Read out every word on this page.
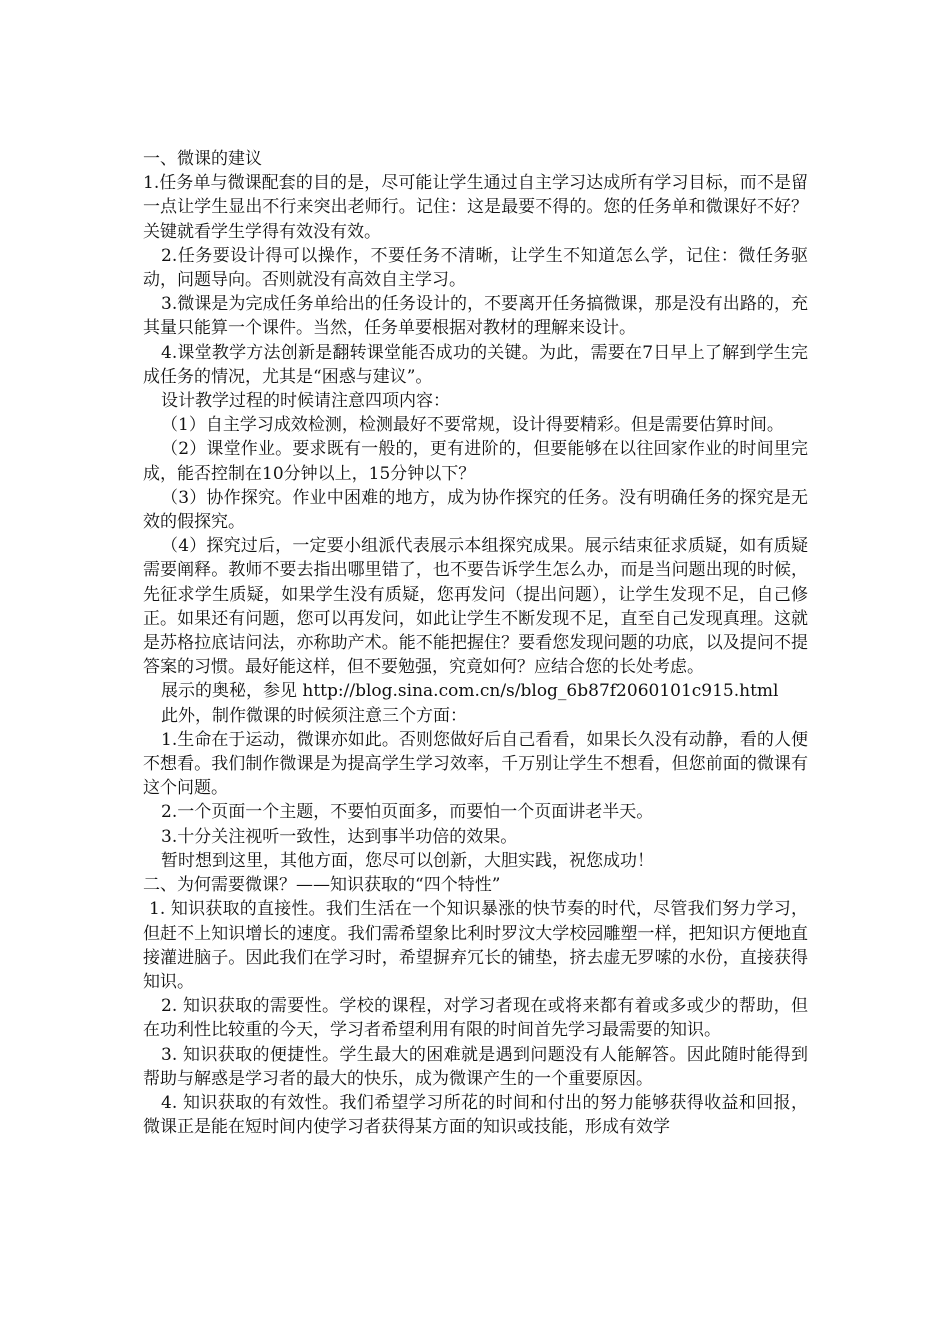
一、微课的建议

1.任务单与微课配套的目的是，尽可能让学生通过自主学习达成所有学习目标，而不是留一点让学生显出不行来突出老师行。记住：这是最要不得的。您的任务单和微课好不好？关键就看学生学得有效没有效。

2.任务要设计得可以操作，不要任务不清晰，让学生不知道怎么学，记住：微任务驱动，问题导向。否则就没有高效自主学习。

3.微课是为完成任务单给出的任务设计的，不要离开任务搞微课，那是没有出路的，充其量只能算一个课件。当然，任务单要根据对教材的理解来设计。

4.课堂教学方法创新是翻转课堂能否成功的关键。为此，需要在7日早上了解到学生完成任务的情况，尤其是“困惑与建议”。

设计教学过程的时候请注意四项内容：

（1）自主学习成效检测，检测最好不要常规，设计得要精彩。但是需要估算时间。

（2）课堂作业。要求既有一般的，更有进阶的，但要能够在以往回家作业的时间里完成，能否控制在10分钟以上，15分钟以下？

（3）协作探究。作业中困难的地方，成为协作探究的任务。没有明确任务的探究是无效的假探究。

（4）探究过后，一定要小组派代表展示本组探究成果。展示结束征求质疑，如有质疑需要阐释。教师不要去指出哪里错了，也不要告诉学生怎么办，而是当问题出现的时候，先征求学生质疑，如果学生没有质疑，您再发问（提出问题），让学生发现不足，自己修正。如果还有问题，您可以再发问，如此让学生不断发现不足，直至自己发现真理。这就是苏格拉底诘问法，亦称助产术。能不能把握住？要看您发现问题的功底，以及提问不提答案的习惯。最好能这样，但不要勉强，究竟如何？应结合您的长处考虑。

展示的奥秘，参见 http://blog.sina.com.cn/s/blog_6b87f2060101c915.html

此外，制作微课的时候须注意三个方面：

1.生命在于运动，微课亦如此。否则您做好后自己看看，如果长久没有动静，看的人便不想看。我们制作微课是为提高学生学习效率，千万别让学生不想看，但您前面的微课有这个问题。

2.一个页面一个主题，不要怕页面多，而要怕一个页面讲老半天。

3.十分关注视听一致性，达到事半功倍的效果。

暂时想到这里，其他方面，您尽可以创新，大胆实践，祝您成功！

二、为何需要微课？——知识获取的“四个特性”

1. 知识获取的直接性。我们生活在一个知识暴涨的快节奏的时代，尽管我们努力学习，但赶不上知识增长的速度。我们需希望象比利时罗汶大学校园雕塑一样，把知识方便地直接灌进脑子。因此我们在学习时，希望摒弃冗长的铺垫，挤去虚无罗嗦的水份，直接获得知识。

2. 知识获取的需要性。学校的课程，对学习者现在或将来都有着或多或少的帮助，但在功利性比较重的今天，学习者希望利用有限的时间首先学习最需要的知识。

3. 知识获取的便捷性。学生最大的困难就是遇到问题没有人能解答。因此随时能得到帮助与解惑是学习者的最大的快乐，成为微课产生的一个重要原因。

4. 知识获取的有效性。我们希望学习所花的时间和付出的努力能够获得收益和回报，微课正是能在短时间内使学习者获得某方面的知识或技能，形成有效学
